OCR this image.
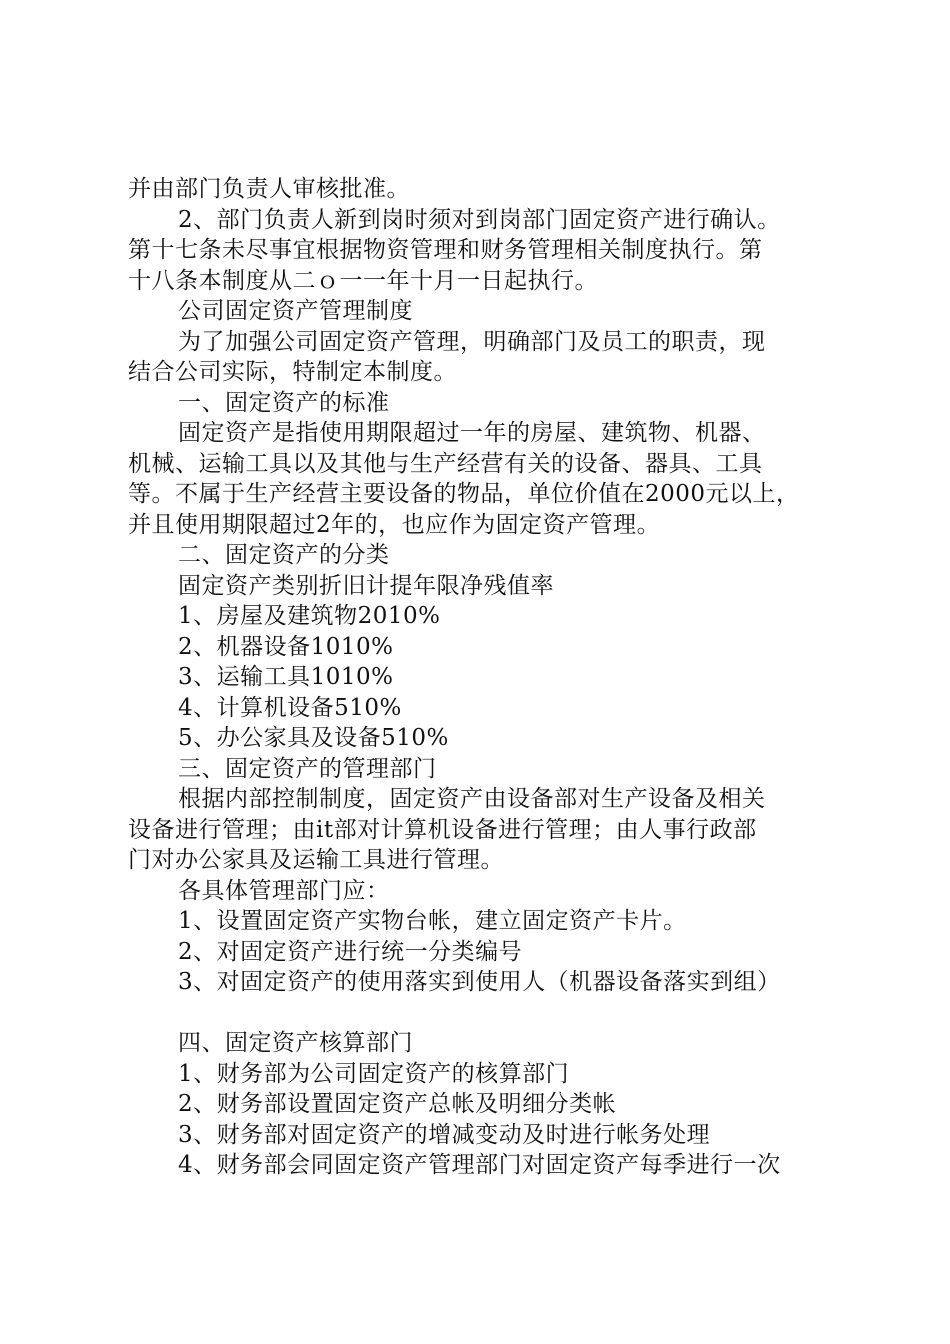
并由部门负责人审核批准。
2、部门负责人新到岗时须对到岗部门固定资产进行确认。
第十七条未尽事宜根据物资管理和财务管理相关制度执行。第
十八条本制度从二ｏ一一年十月一日起执行。
公司固定资产管理制度
为了加强公司固定资产管理，明确部门及员工的职责，现
结合公司实际，特制定本制度。
一、固定资产的标准
固定资产是指使用期限超过一年的房屋、建筑物、机器、
机械、运输工具以及其他与生产经营有关的设备、器具、工具
等。不属于生产经营主要设备的物品，单位价值在2000元以上，
并且使用期限超过2年的，也应作为固定资产管理。
二、固定资产的分类
固定资产类别折旧计提年限净残值率
1、房屋及建筑物2010%
2、机器设备1010%
3、运输工具1010%
4、计算机设备510%
5、办公家具及设备510%
三、固定资产的管理部门
根据内部控制制度，固定资产由设备部对生产设备及相关
设备进行管理；由it部对计算机设备进行管理；由人事行政部
门对办公家具及运输工具进行管理。
各具体管理部门应：
1、设置固定资产实物台帐，建立固定资产卡片。
2、对固定资产进行统一分类编号
3、对固定资产的使用落实到使用人（机器设备落实到组）
四、固定资产核算部门
1、财务部为公司固定资产的核算部门
2、财务部设置固定资产总帐及明细分类帐
3、财务部对固定资产的增减变动及时进行帐务处理
4、财务部会同固定资产管理部门对固定资产每季进行一次
